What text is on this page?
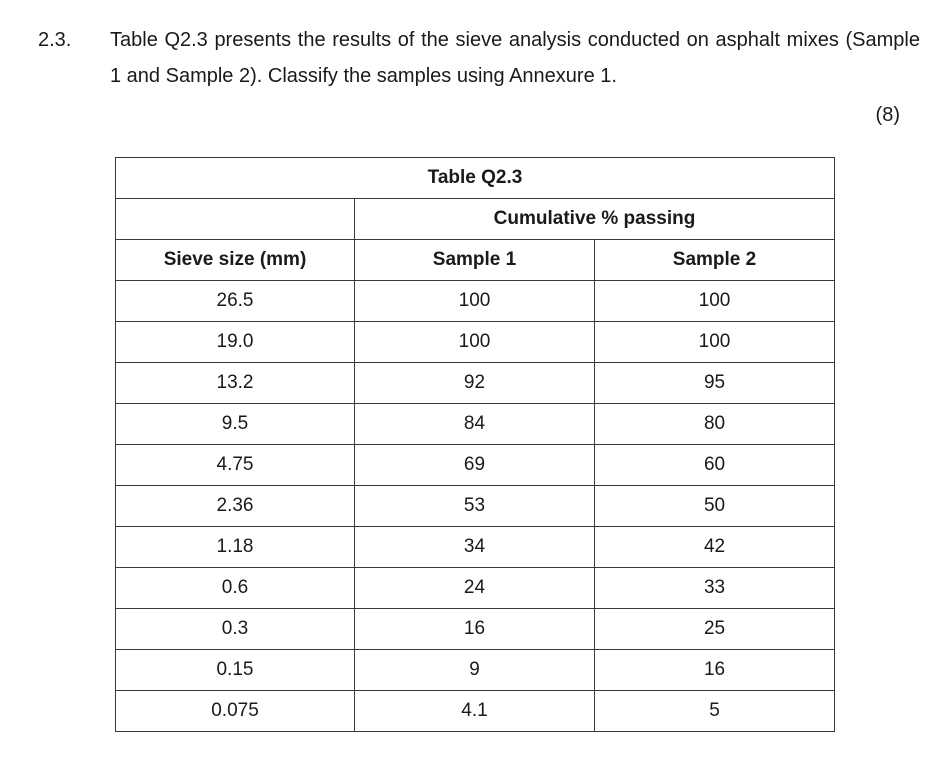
2.3. Table Q2.3 presents the results of the sieve analysis conducted on asphalt mixes (Sample 1 and Sample 2). Classify the samples using Annexure 1.
(8)
Table Q2.3		
	Cumulative % passing	
Sieve size (mm)	Sample 1	Sample 2
26.5	100	100
19.0	100	100
13.2	92	95
9.5	84	80
4.75	69	60
2.36	53	50
1.18	34	42
0.6	24	33
0.3	16	25
0.15	9	16
0.075	4.1	5
